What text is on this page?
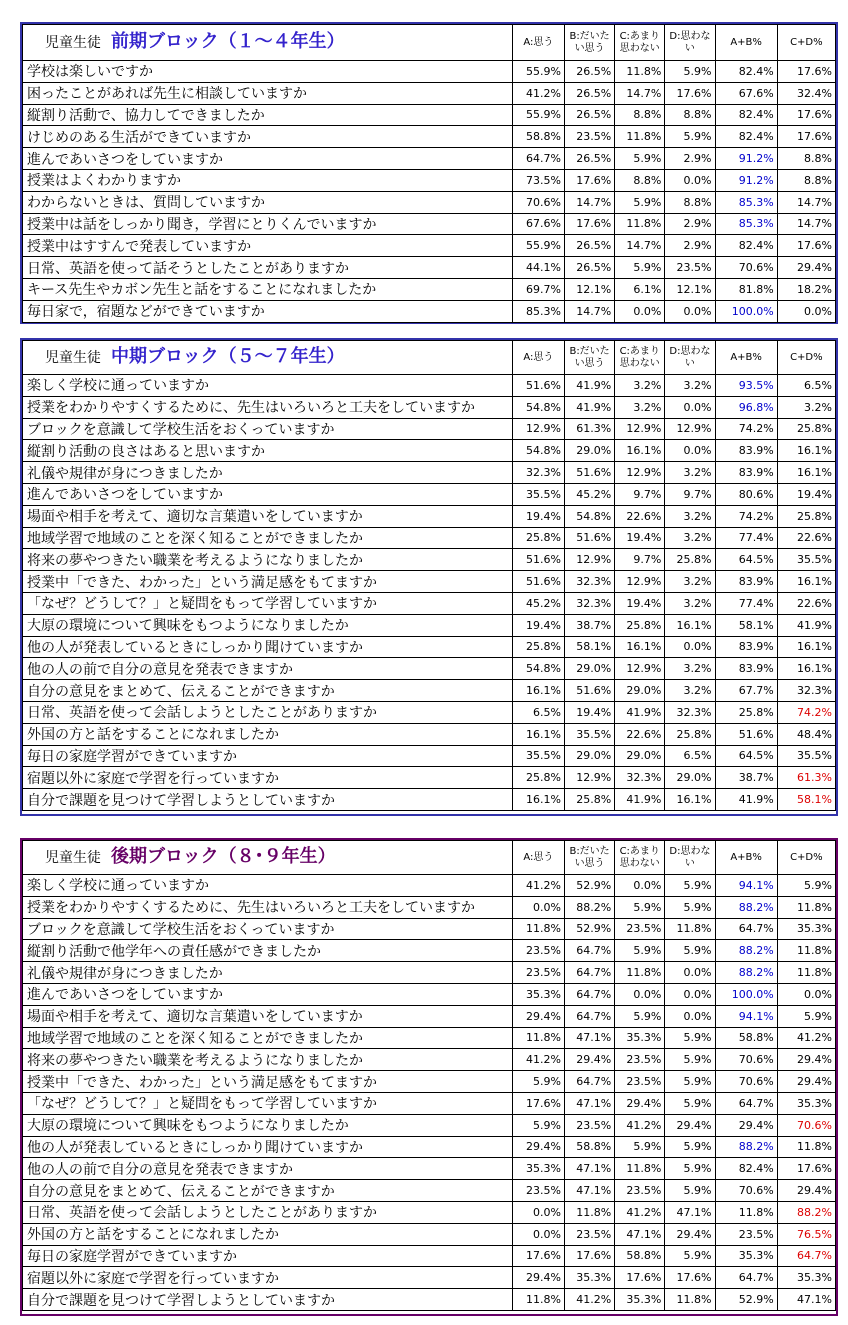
児童生徒 前期ブロック（１～４年生）	A:思う	B:だいたい思う	C:あまり思わない	D:思わない	A+B%	C+D%
学校は楽しいですか	55.9%	26.5%	11.8%	5.9%	82.4%	17.6%
困ったことがあれば先生に相談していますか	41.2%	26.5%	14.7%	17.6%	67.6%	32.4%
縦割り活動で、協力してできましたか	55.9%	26.5%	8.8%	8.8%	82.4%	17.6%
けじめのある生活ができていますか	58.8%	23.5%	11.8%	5.9%	82.4%	17.6%
進んであいさつをしていますか	64.7%	26.5%	5.9%	2.9%	91.2%	8.8%
授業はよくわかりますか	73.5%	17.6%	8.8%	0.0%	91.2%	8.8%
わからないときは、質問していますか	70.6%	14.7%	5.9%	8.8%	85.3%	14.7%
授業中は話をしっかり聞き，学習にとりくんでいますか	67.6%	17.6%	11.8%	2.9%	85.3%	14.7%
授業中はすすんで発表していますか	55.9%	26.5%	14.7%	2.9%	82.4%	17.6%
日常、英語を使って話そうとしたことがありますか	44.1%	26.5%	5.9%	23.5%	70.6%	29.4%
キース先生やカボン先生と話をすることになれましたか	69.7%	12.1%	6.1%	12.1%	81.8%	18.2%
毎日家で，宿題などができていますか	85.3%	14.7%	0.0%	0.0%	100.0%	0.0%
児童生徒 中期ブロック（５～７年生）	A:思う	B:だいたい思う	C:あまり思わない	D:思わない	A+B%	C+D%
楽しく学校に通っていますか	51.6%	41.9%	3.2%	3.2%	93.5%	6.5%
授業をわかりやすくするために、先生はいろいろと工夫をしていますか	54.8%	41.9%	3.2%	0.0%	96.8%	3.2%
ブロックを意識して学校生活をおくっていますか	12.9%	61.3%	12.9%	12.9%	74.2%	25.8%
縦割り活動の良さはあると思いますか	54.8%	29.0%	16.1%	0.0%	83.9%	16.1%
礼儀や規律が身につきましたか	32.3%	51.6%	12.9%	3.2%	83.9%	16.1%
進んであいさつをしていますか	35.5%	45.2%	9.7%	9.7%	80.6%	19.4%
場面や相手を考えて、適切な言葉遣いをしていますか	19.4%	54.8%	22.6%	3.2%	74.2%	25.8%
地域学習で地域のことを深く知ることができましたか	25.8%	51.6%	19.4%	3.2%	77.4%	22.6%
将来の夢やつきたい職業を考えるようになりましたか	51.6%	12.9%	9.7%	25.8%	64.5%	35.5%
授業中「できた、わかった」という満足感をもてますか	51.6%	32.3%	12.9%	3.2%	83.9%	16.1%
「なぜ？どうして？」と疑問をもって学習していますか	45.2%	32.3%	19.4%	3.2%	77.4%	22.6%
大原の環境について興味をもつようになりましたか	19.4%	38.7%	25.8%	16.1%	58.1%	41.9%
他の人が発表しているときにしっかり聞けていますか	25.8%	58.1%	16.1%	0.0%	83.9%	16.1%
他の人の前で自分の意見を発表できますか	54.8%	29.0%	12.9%	3.2%	83.9%	16.1%
自分の意見をまとめて、伝えることができますか	16.1%	51.6%	29.0%	3.2%	67.7%	32.3%
日常、英語を使って会話しようとしたことがありますか	6.5%	19.4%	41.9%	32.3%	25.8%	74.2%
外国の方と話をすることになれましたか	16.1%	35.5%	22.6%	25.8%	51.6%	48.4%
毎日の家庭学習ができていますか	35.5%	29.0%	29.0%	6.5%	64.5%	35.5%
宿題以外に家庭で学習を行っていますか	25.8%	12.9%	32.3%	29.0%	38.7%	61.3%
自分で課題を見つけて学習しようとしていますか	16.1%	25.8%	41.9%	16.1%	41.9%	58.1%
児童生徒 後期ブロック（８･９年生）	A:思う	B:だいたい思う	C:あまり思わない	D:思わない	A+B%	C+D%
楽しく学校に通っていますか	41.2%	52.9%	0.0%	5.9%	94.1%	5.9%
授業をわかりやすくするために、先生はいろいろと工夫をしていますか	0.0%	88.2%	5.9%	5.9%	88.2%	11.8%
ブロックを意識して学校生活をおくっていますか	11.8%	52.9%	23.5%	11.8%	64.7%	35.3%
縦割り活動で他学年への責任感ができましたか	23.5%	64.7%	5.9%	5.9%	88.2%	11.8%
礼儀や規律が身につきましたか	23.5%	64.7%	11.8%	0.0%	88.2%	11.8%
進んであいさつをしていますか	35.3%	64.7%	0.0%	0.0%	100.0%	0.0%
場面や相手を考えて、適切な言葉遣いをしていますか	29.4%	64.7%	5.9%	0.0%	94.1%	5.9%
地域学習で地域のことを深く知ることができましたか	11.8%	47.1%	35.3%	5.9%	58.8%	41.2%
将来の夢やつきたい職業を考えるようになりましたか	41.2%	29.4%	23.5%	5.9%	70.6%	29.4%
授業中「できた、わかった」という満足感をもてますか	5.9%	64.7%	23.5%	5.9%	70.6%	29.4%
「なぜ？どうして？」と疑問をもって学習していますか	17.6%	47.1%	29.4%	5.9%	64.7%	35.3%
大原の環境について興味をもつようになりましたか	5.9%	23.5%	41.2%	29.4%	29.4%	70.6%
他の人が発表しているときにしっかり聞けていますか	29.4%	58.8%	5.9%	5.9%	88.2%	11.8%
他の人の前で自分の意見を発表できますか	35.3%	47.1%	11.8%	5.9%	82.4%	17.6%
自分の意見をまとめて、伝えることができますか	23.5%	47.1%	23.5%	5.9%	70.6%	29.4%
日常、英語を使って会話しようとしたことがありますか	0.0%	11.8%	41.2%	47.1%	11.8%	88.2%
外国の方と話をすることになれましたか	0.0%	23.5%	47.1%	29.4%	23.5%	76.5%
毎日の家庭学習ができていますか	17.6%	17.6%	58.8%	5.9%	35.3%	64.7%
宿題以外に家庭で学習を行っていますか	29.4%	35.3%	17.6%	17.6%	64.7%	35.3%
自分で課題を見つけて学習しようとしていますか	11.8%	41.2%	35.3%	11.8%	52.9%	47.1%
